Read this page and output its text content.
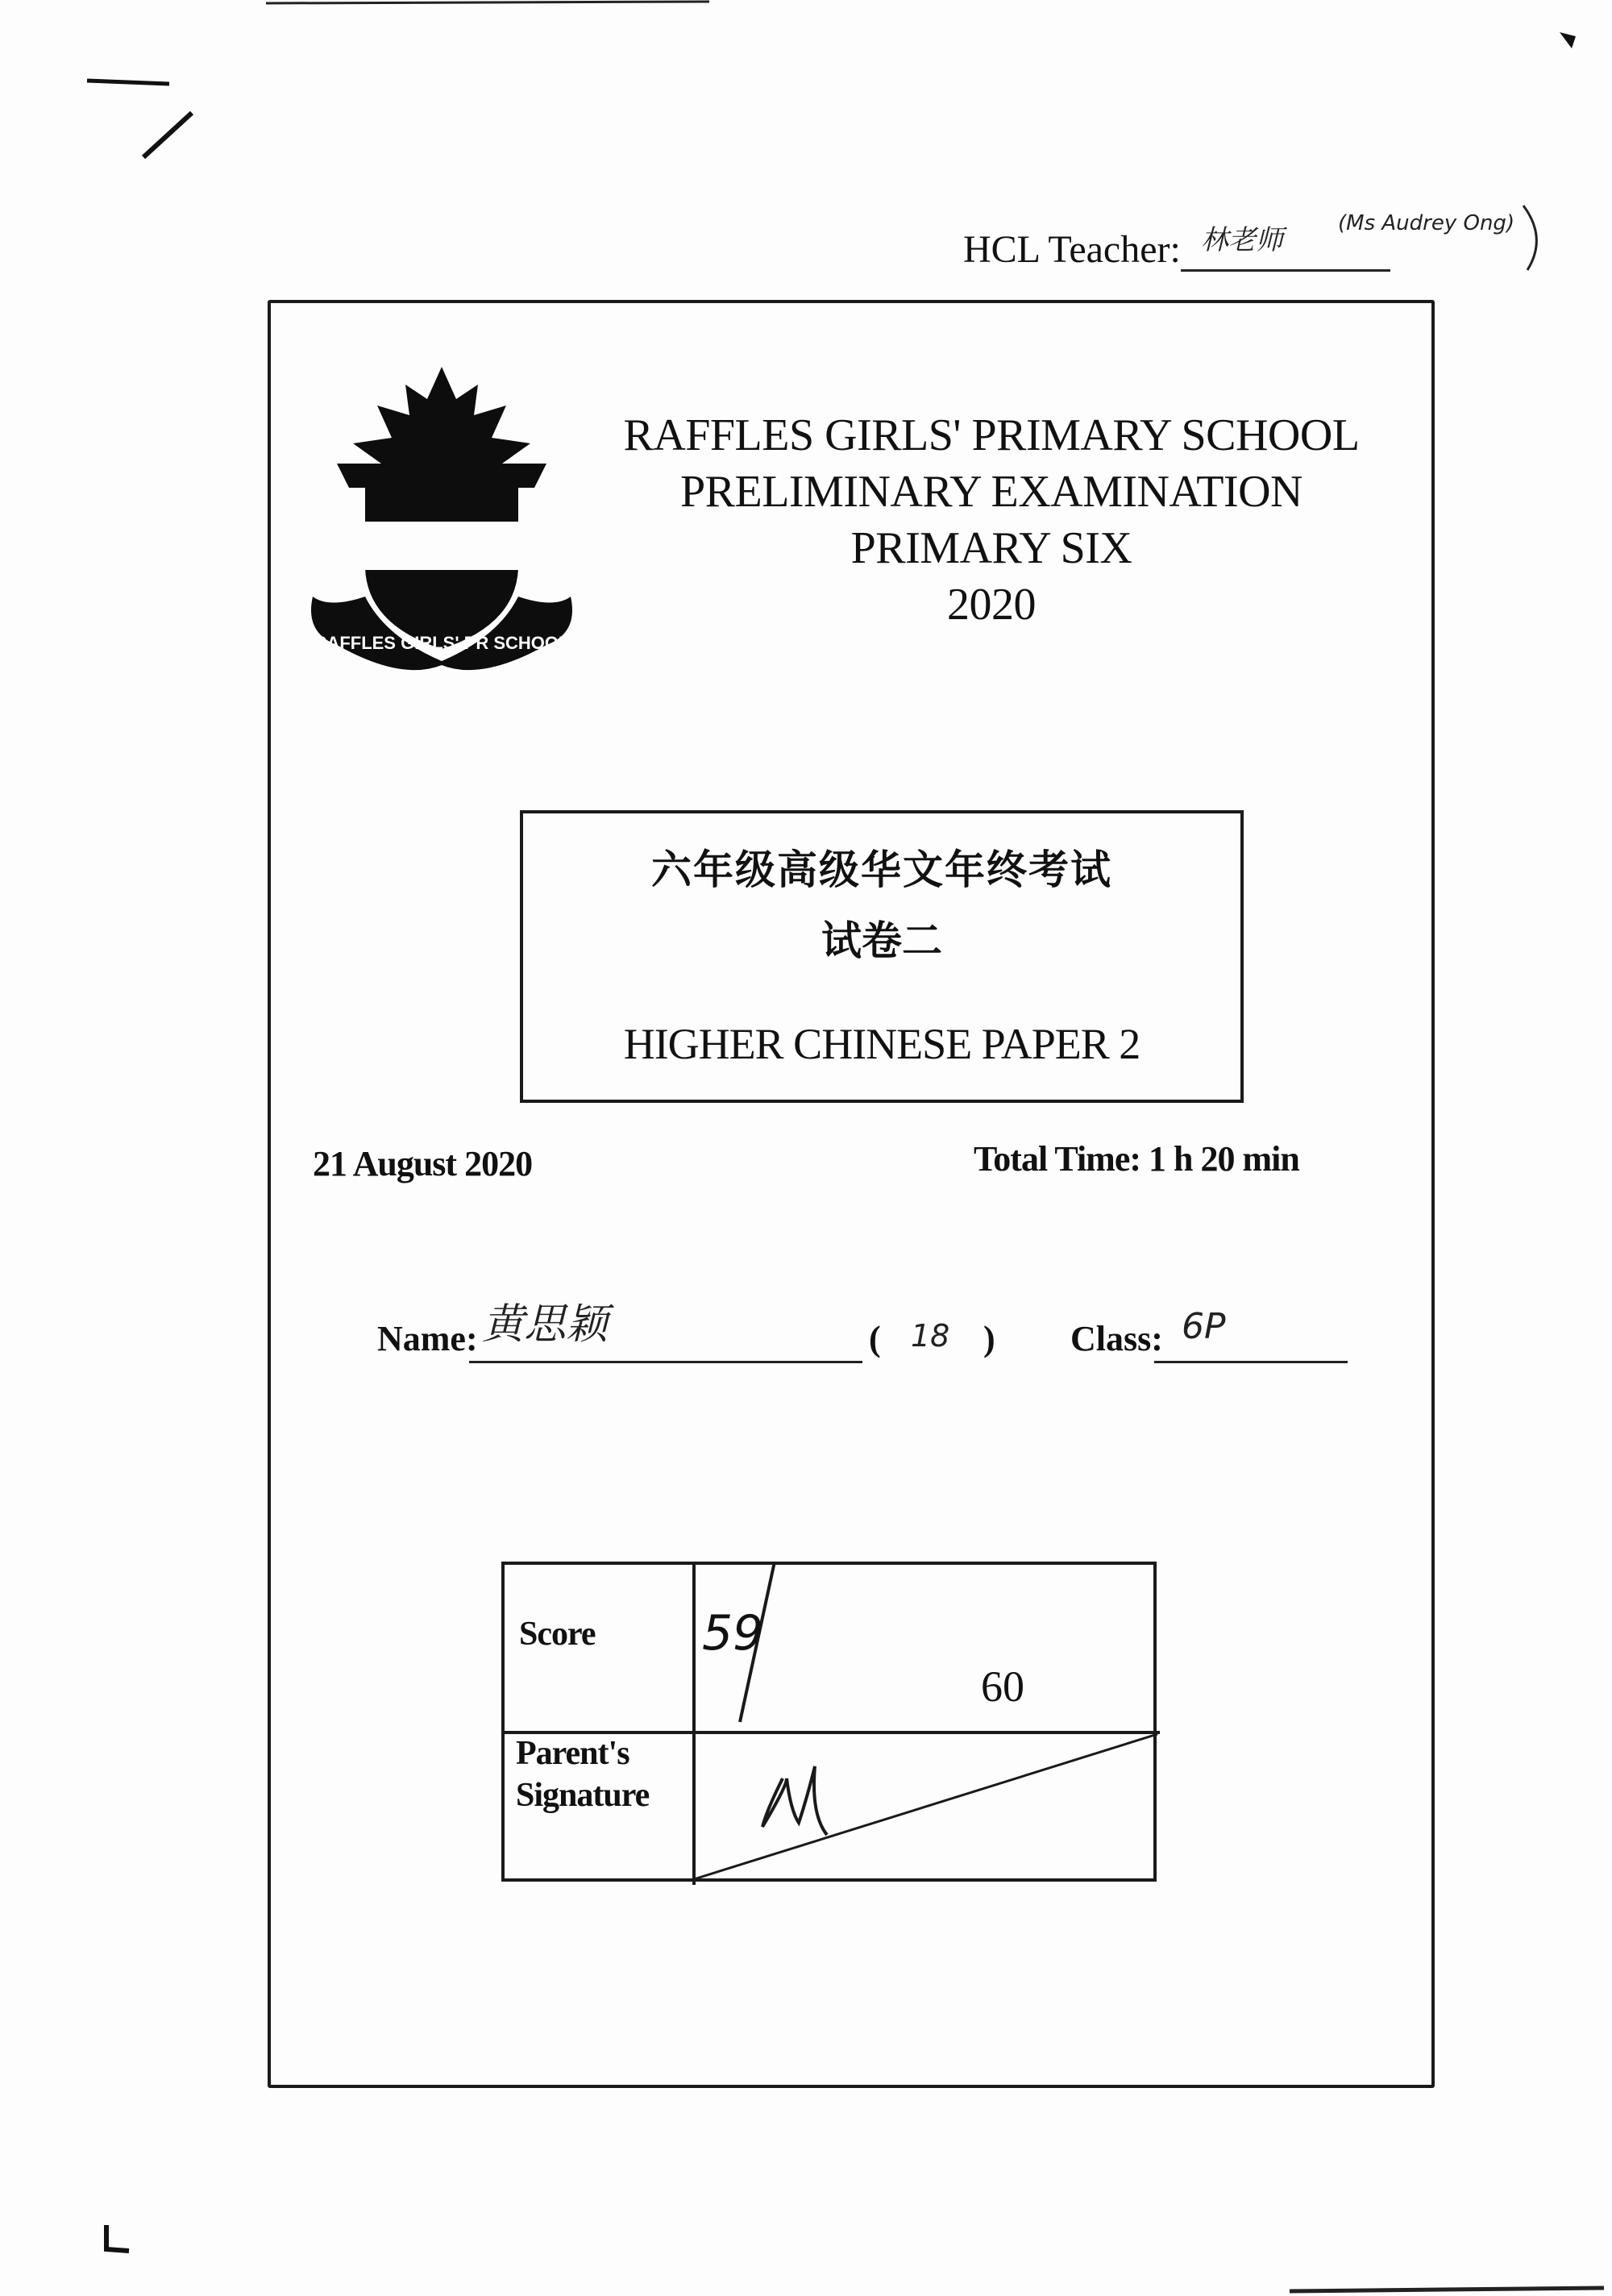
HCL Teacher: 林老师
(Ms Audrey Ong)
RAFFLES GIRLS' PR SCHOOL
RAFFLES GIRLS' PRIMARY SCHOOL
PRELIMINARY EXAMINATION
PRIMARY SIX
2020
六年级高级华文年终考试
试卷二
HIGHER CHINESE PAPER 2
21 August 2020	Total Time: 1 h 20 min
Name: 黄思颖	( 18 ) Class: 6P
Score 59
60
Parent's
Signature
